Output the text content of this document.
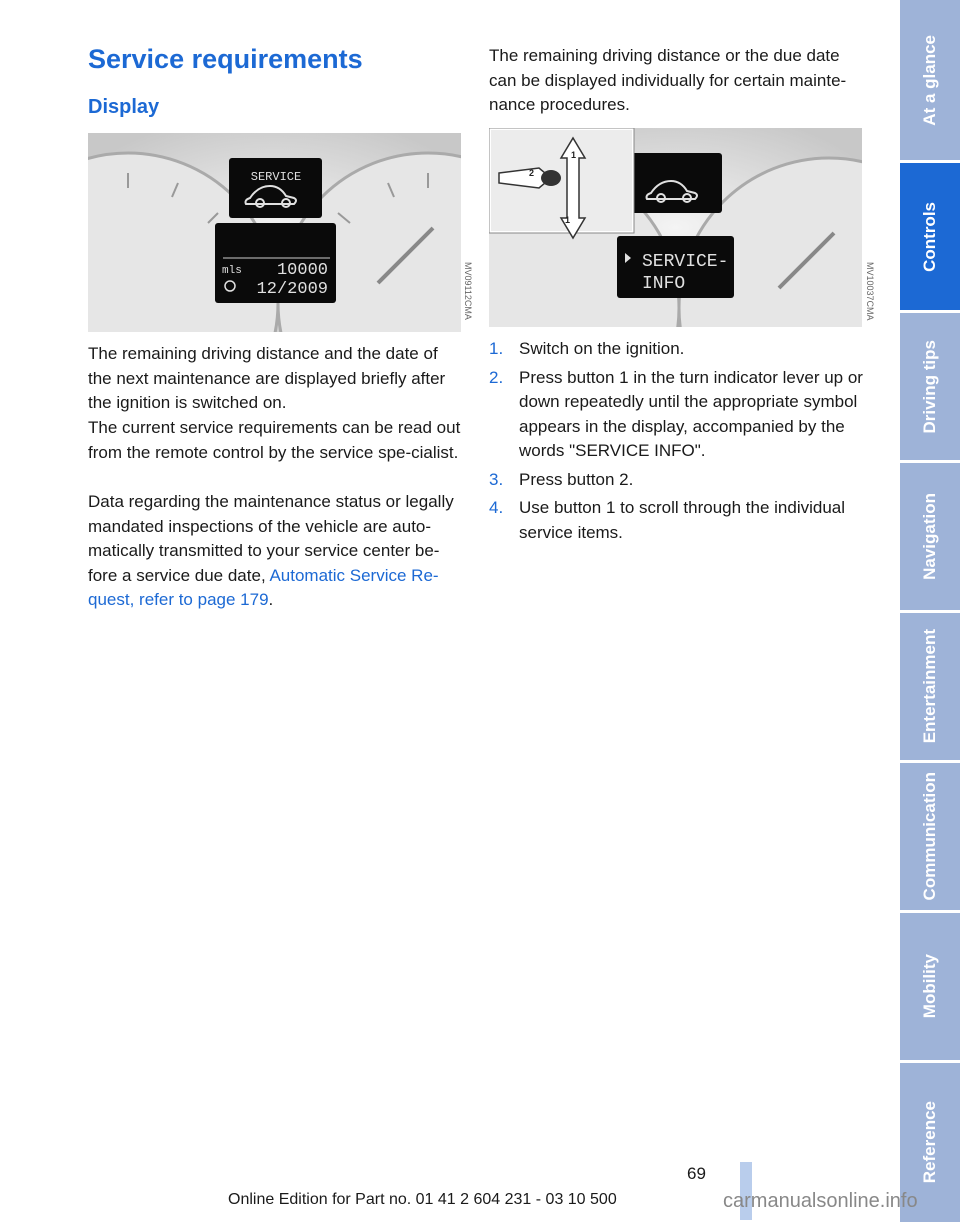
Service requirements
Display
SERVICE
mls 10000
12/2009	MV09112CMA

The remaining driving distance and the date of the next maintenance are displayed briefly after the ignition is switched on.

The current service requirements can be read out from the remote control by the service spe-cialist.

Data regarding the maintenance status or legally mandated inspections of the vehicle are auto-matically transmitted to your service center be-fore a service due date, Automatic Service Re-quest, refer to page 179.

The remaining driving distance or the due date can be displayed individually for certain mainte-nance procedures.

SERVICE-
INFO
1
2
1
MV10037CMA
1. Switch on the ignition.
2. Press button 1 in the turn indicator lever up or down repeatedly until the appropriate symbol appears in the display, accompanied by the words "SERVICE INFO".
3. Press button 2.
4. Use button 1 to scroll through the individual service items.
At a glance
Controls
Driving tips
Navigation
Entertainment
Communication
Mobility
Reference
69
Online Edition for Part no. 01 41 2 604 231 - 03 10 500	carmanualsonline.info
